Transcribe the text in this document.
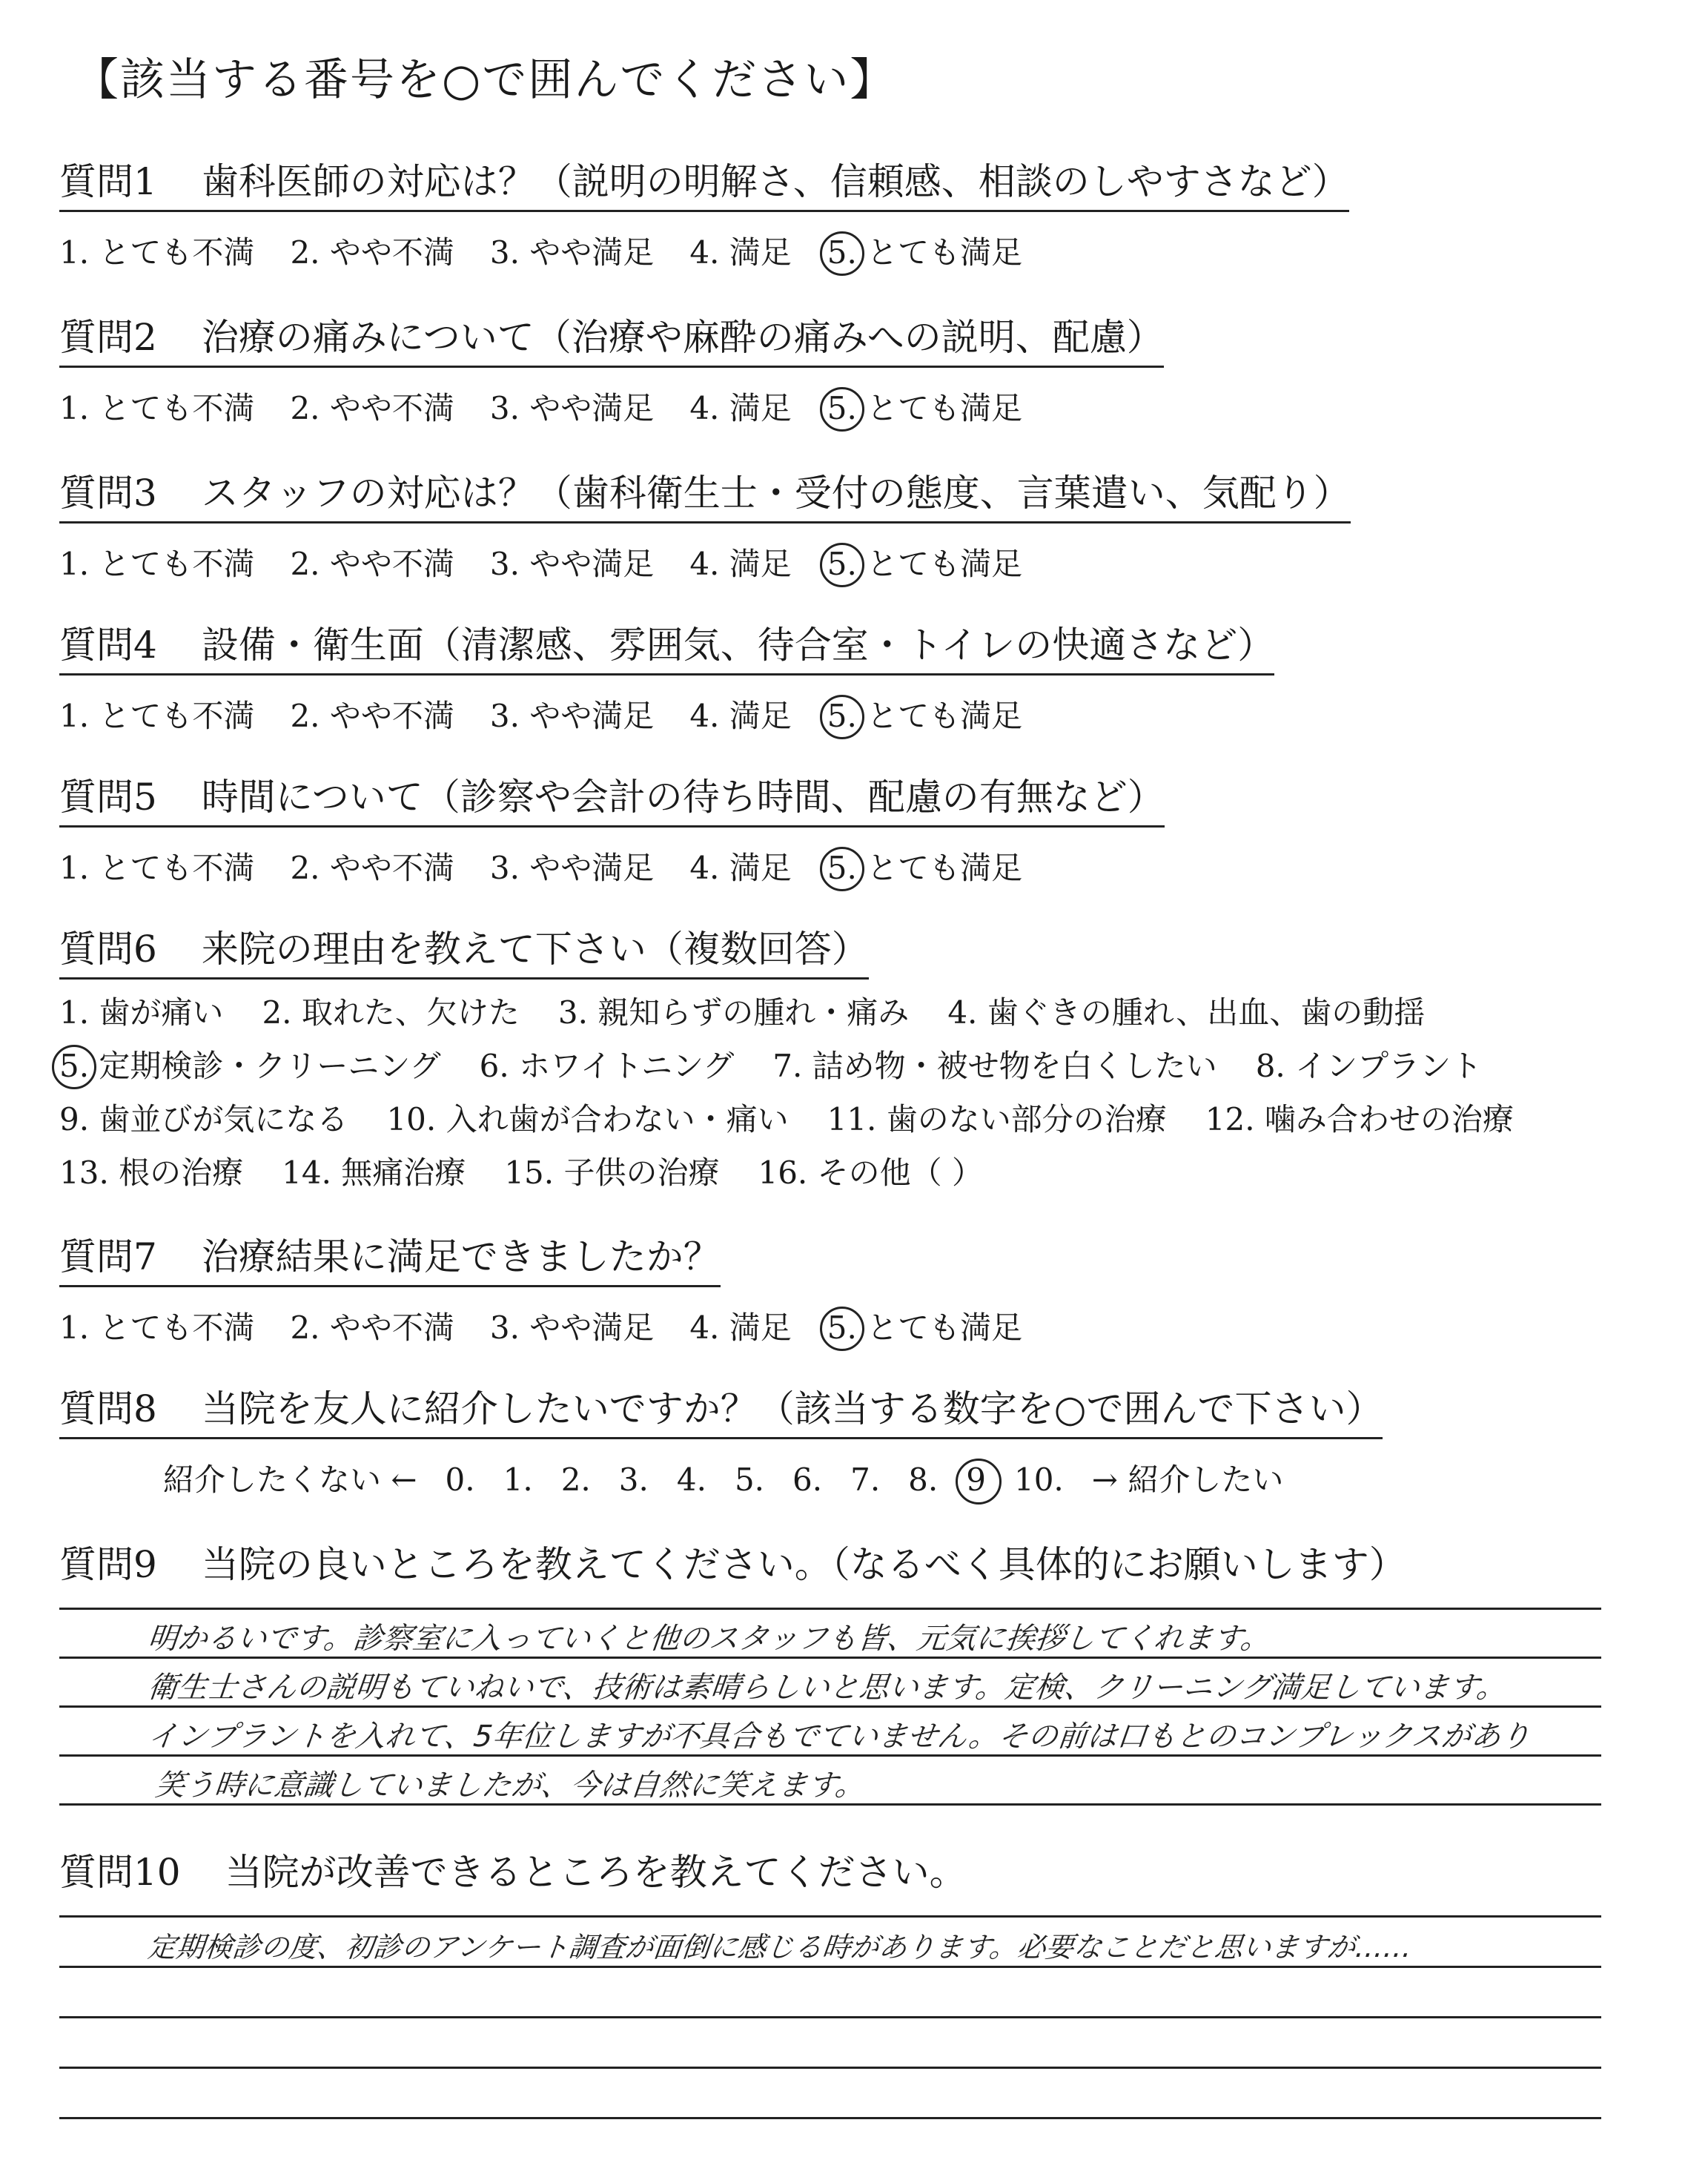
【該当する番号を○で囲んでください】
質問1 歯科医師の対応は？（説明の明解さ、信頼感、相談のしやすさなど）
1. とても不満 2. やや不満 3. やや満足 4. 満足 5. とても満足
質問2 治療の痛みについて（治療や麻酔の痛みへの説明、配慮）
1. とても不満 2. やや不満 3. やや満足 4. 満足 5. とても満足
質問3 スタッフの対応は？（歯科衛生士・受付の態度、言葉遣い、気配り）
1. とても不満 2. やや不満 3. やや満足 4. 満足 5. とても満足
質問4 設備・衛生面（清潔感、雰囲気、待合室・トイレの快適さなど）
1. とても不満 2. やや不満 3. やや満足 4. 満足 5. とても満足
質問5 時間について（診察や会計の待ち時間、配慮の有無など）
1. とても不満 2. やや不満 3. やや満足 4. 満足 5. とても満足
質問6 来院の理由を教えて下さい（複数回答）
1. 歯が痛い 2. 取れた、欠けた 3. 親知らずの腫れ・痛み 4. 歯ぐきの腫れ、出血、歯の動揺
5. 定期検診・クリーニング 6. ホワイトニング 7. 詰め物・被せ物を白くしたい 8. インプラント
9. 歯並びが気になる 10. 入れ歯が合わない・痛い 11. 歯のない部分の治療 12. 噛み合わせの治療
13. 根の治療 14. 無痛治療 15. 子供の治療 16. その他（ ）
質問7 治療結果に満足できましたか？
1. とても不満 2. やや不満 3. やや満足 4. 満足 5. とても満足
質問8 当院を友人に紹介したいですか？（該当する数字を○で囲んで下さい）
紹介したくない ← 0. 1. 2. 3. 4. 5. 6. 7. 8. 9 10. → 紹介したい
質問9 当院の良いところを教えてください。（なるべく具体的にお願いします）
明かるいです。診察室に入っていくと他のスタッフも皆、元気に挨拶してくれます。
衛生士さんの説明もていねいで、技術は素晴らしいと思います。定検、クリーニング満足しています。
インプラントを入れて、5年位しますが不具合もでていません。その前は口もとのコンプレックスがあり
笑う時に意識していましたが、今は自然に笑えます。
質問10 当院が改善できるところを教えてください。
定期検診の度、初診のアンケート調査が面倒に感じる時があります。必要なことだと思いますが……
